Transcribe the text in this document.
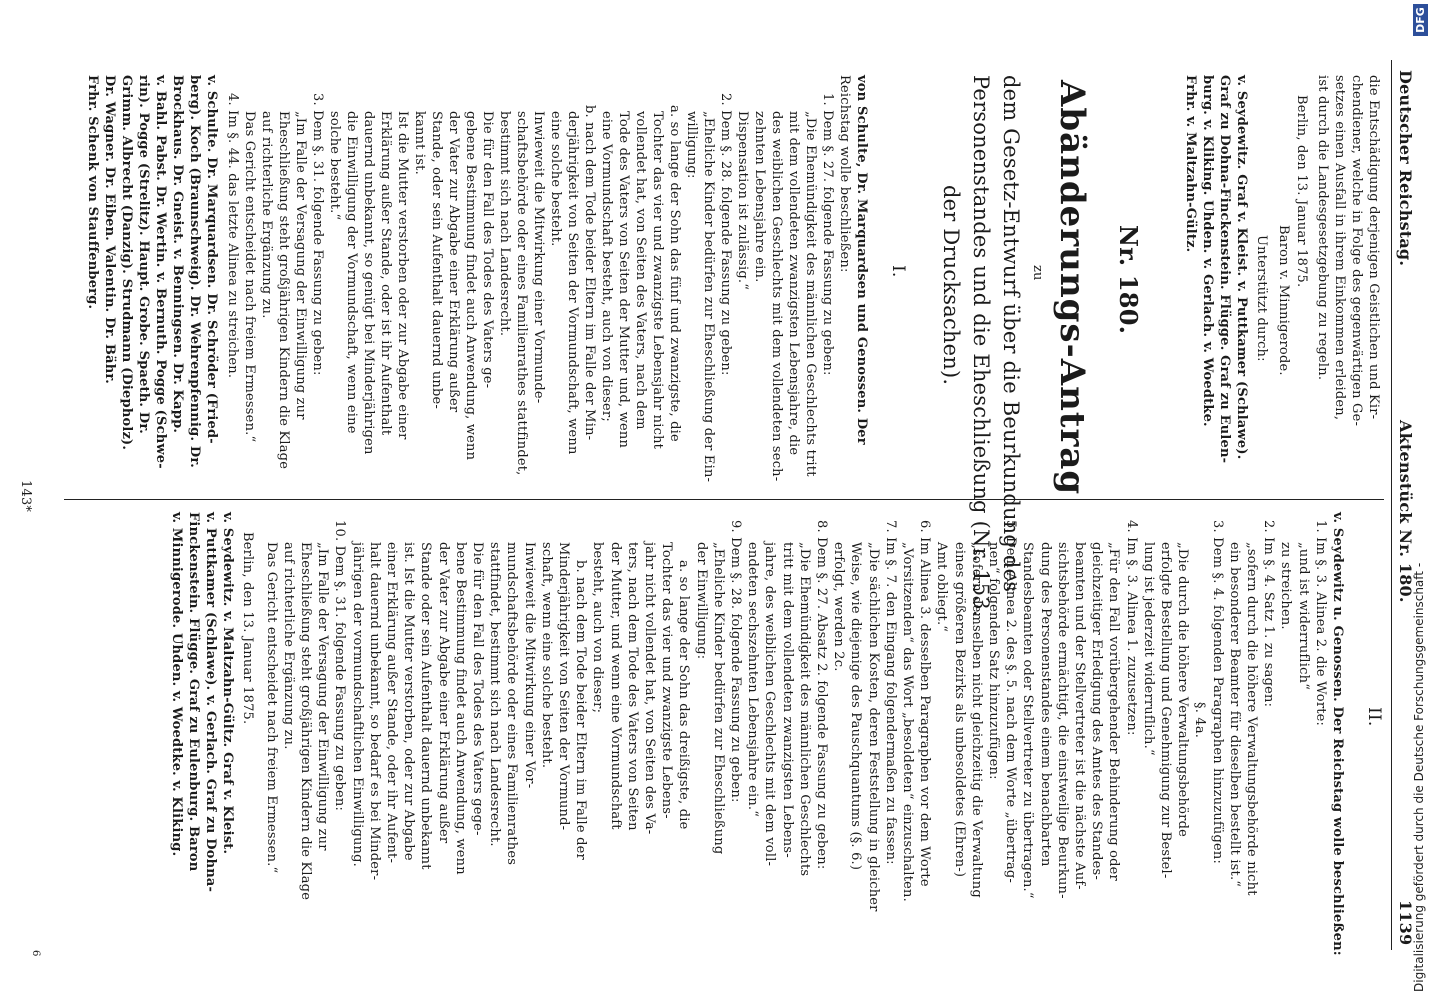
Deutscher Reichstag.
Aktenstück Nr. 180.
1139
143*
6
die Entschädigung derjenigen Geistlichen und Kir-
chendiener, welche in Folge des gegenwärtigen Ge-
setzes einen Ausfall in ihrem Einkommen erleiden,
ist durch die Landesgesetzgebung zu regeln.
Berlin, den 13. Januar 1875.
Baron v. Minnigerode.
Unterstützt durch:
v. Seydewitz. Graf v. Kleist. v. Puttkamer (Schlawe).
Graf zu Dohna-Finckenstein. Flügge. Graf zu Eulen-
burg. v. Kliking. Uhden. v. Gerlach. v. Woedtke.
Frhr. v. Maltzahn-Gültz.
Nr. 180.
Abänderungs-Antrag
zu
dem Gesetz-Entwurf über die Beurkundung des
Personenstandes und die Eheschließung (Nr. 153.
der Drucksachen).
I.
von Schulte, Dr. Marquardsen und Genossen. Der
Reichstag wolle beschließen:
1. Dem §. 27. folgende Fassung zu geben:
„Die Ehemündigkeit des männlichen Geschlechts tritt
mit dem vollendeten zwanzigsten Lebensjahre, die
des weiblichen Geschlechts mit dem vollendeten sech-
zehnten Lebensjahre ein.
Dispensation ist zulässig.“
2. Dem §. 28. folgende Fassung zu geben:
„Eheliche Kinder bedürfen zur Eheschließung der Ein-
willigung:
a. so lange der Sohn das fünf und zwanzigste, die
Tochter das vier und zwanzigste Lebensjahr nicht
vollendet hat, von Seiten des Vaters, nach dem
Tode des Vaters von Seiten der Mutter und, wenn
eine Vormundschaft besteht, auch von dieser;
b. nach dem Tode beider Eltern im Falle der Min-
derjährigkeit von Seiten der Vormundschaft, wenn
eine solche besteht.
Inwieweit die Mitwirkung einer Vormunde-
schaftsbehörde oder eines Familienrathes stattfindet,
bestimmt sich nach Landesrecht.
Die für den Fall des Todes des Vaters ge-
gebene Bestimmung findet auch Anwendung, wenn
der Vater zur Abgabe einer Erklärung außer
Stande, oder sein Aufenthalt dauernd unbe-
kannt ist.
Ist die Mutter verstorben oder zur Abgabe einer
Erklärung außer Stande, oder ist ihr Aufenthalt
dauernd unbekannt, so genügt bei Minderjährigen
die Einwilligung der Vormundschaft, wenn eine
solche besteht.“
3. Dem §. 31. folgende Fassung zu geben:
„Im Falle der Versagung der Einwilligung zur
Eheschließung steht großjährigen Kindern die Klage
auf richterliche Ergänzung zu.
Das Gericht entscheidet nach freiem Ermessen.“
4. Im §. 44. das letzte Alinea zu streichen.
v. Schulte. Dr. Marquardsen. Dr. Schröder (Fried-
berg). Koch (Braunschweig). Dr. Wehrenpfennig. Dr.
Brockhaus. Dr. Gneist. v. Benningsen. Dr. Kapp.
v. Bahl. Pabst. Dr. Wertin. v. Bernuth. Pogge (Schwe-
rin). Pogge (Strelitz). Haupt. Grobe. Spaeth. Dr.
Grimm. Albrecht (Danzig). Strudmann (Diepholz).
Dr. Wagner. Dr. Eiben. Valentin. Dr. Bähr.
Frhr. Schenk von Stauffenberg.
II.
v. Seydewitz u. Genossen. Der Reichstag wolle beschließen:
1. Im §. 3. Alinea 2. die Worte:
„und ist widerruflich“
zu streichen.
2. Im §. 4. Satz 1. zu sagen:
„sofern durch die höhere Verwaltungsbehörde nicht
ein besonderer Beamter für dieselben bestellt ist.“
3. Dem §. 4. folgenden Paragraphen hinzuzufügen:
§. 4a.
„Die durch die höhere Verwaltungsbehörde
erfolgte Bestellung und Genehmigung zur Bestel-
lung ist jederzeit widerruflich.“
4. Im §. 3. Alinea 1. zuzusetzen:
„Für den Fall vorübergehender Behinderung oder
gleichzeitiger Erledigung des Amtes des Standes-
beamten und der Stellvertreter ist die nächste Auf-
sichtsbehörde ermächtigt, die einstweilige Beurkun-
dung des Personenstandes einem benachbarten
Standesbeamten oder Stellvertreter zu übertragen.“
5. Dem Alinea 2. des §. 5. nach dem Worte „übertrag-
nen“ folgenden Satz hinzuzufügen:
„sofern demselben nicht gleichzeitig die Verwaltung
eines größeren Bezirks als unbesoldetes (Ehren-)
Amt obliegt.“
6. Im Alinea 3. desselben Paragraphen vor dem Worte
„Vorsitzenden“ das Wort „besoldeten“ einzuschalten.
7. Im §. 7. den Eingang folgendermaßen zu fassen:
„Die sächlichen Kosten, deren Feststellung in gleicher
Weise, wie diejenige des Pauschquantums (§. 6.)
erfolgt, werden 2c.
8. Dem §. 27. Absatz 2. folgende Fassung zu geben:
„Die Ehemündigkeit des männlichen Geschlechts
tritt mit dem vollendeten zwanzigsten Lebens-
jahre, des weiblichen Geschlechts mit dem voll-
endeten sechszehnten Lebensjahre ein.“
9. Dem §. 28. folgende Fassung zu geben:
„Eheliche Kinder bedürfen zur Eheschließung
der Einwilligung:
a. so lange der Sohn das dreißigste, die
Tochter das vier und zwanzigste Lebens-
jahr nicht vollendet hat, von Seiten des Va-
ters, nach dem Tode des Vaters von Seiten
der Mutter, und wenn eine Vormundschaft
besteht, auch von dieser;
b. nach dem Tode beider Eltern im Falle der
Minderjährigkeit von Seiten der Vormund-
schaft, wenn eine solche besteht.
Inwieweit die Mitwirkung einer Vor-
mundschaftsbehörde oder eines Familienrathes
stattfindet, bestimmt sich nach Landesrecht.
Die für den Fall des Todes des Vaters gege-
bene Bestimmung findet auch Anwendung, wenn
der Vater zur Abgabe einer Erklärung außer
Stande oder sein Aufenthalt dauernd unbekannt
ist. Ist die Mutter verstorben, oder zur Abgabe
einer Erklärung außer Stande, oder ihr Aufent-
halt dauernd unbekannt, so bedarf es bei Minder-
jährigen der vormundschaftlichen Einwilligung.
10. Dem §. 31. folgende Fassung zu geben:
„Im Falle der Versagung der Einwilligung zur
Eheschließung steht großjährigen Kindern die Klage
auf richterliche Ergänzung zu.
Das Gericht entscheidet nach freiem Ermessen.“
Berlin, den 13. Januar 1875.
v. Seydewitz. v. Maltzahn-Gültz. Graf v. Kleist.
v. Puttkamer (Schlawe). v. Gerlach. Graf zu Dohna-
Finckenstein. Flügge. Graf zu Eulenburg. Baron
v. Minnigerode. Uhden. v. Woedtke. v. Kliking.	Digitalisierung gefördert durch die Deutsche Forschungsgemeinschaft -
DFG
